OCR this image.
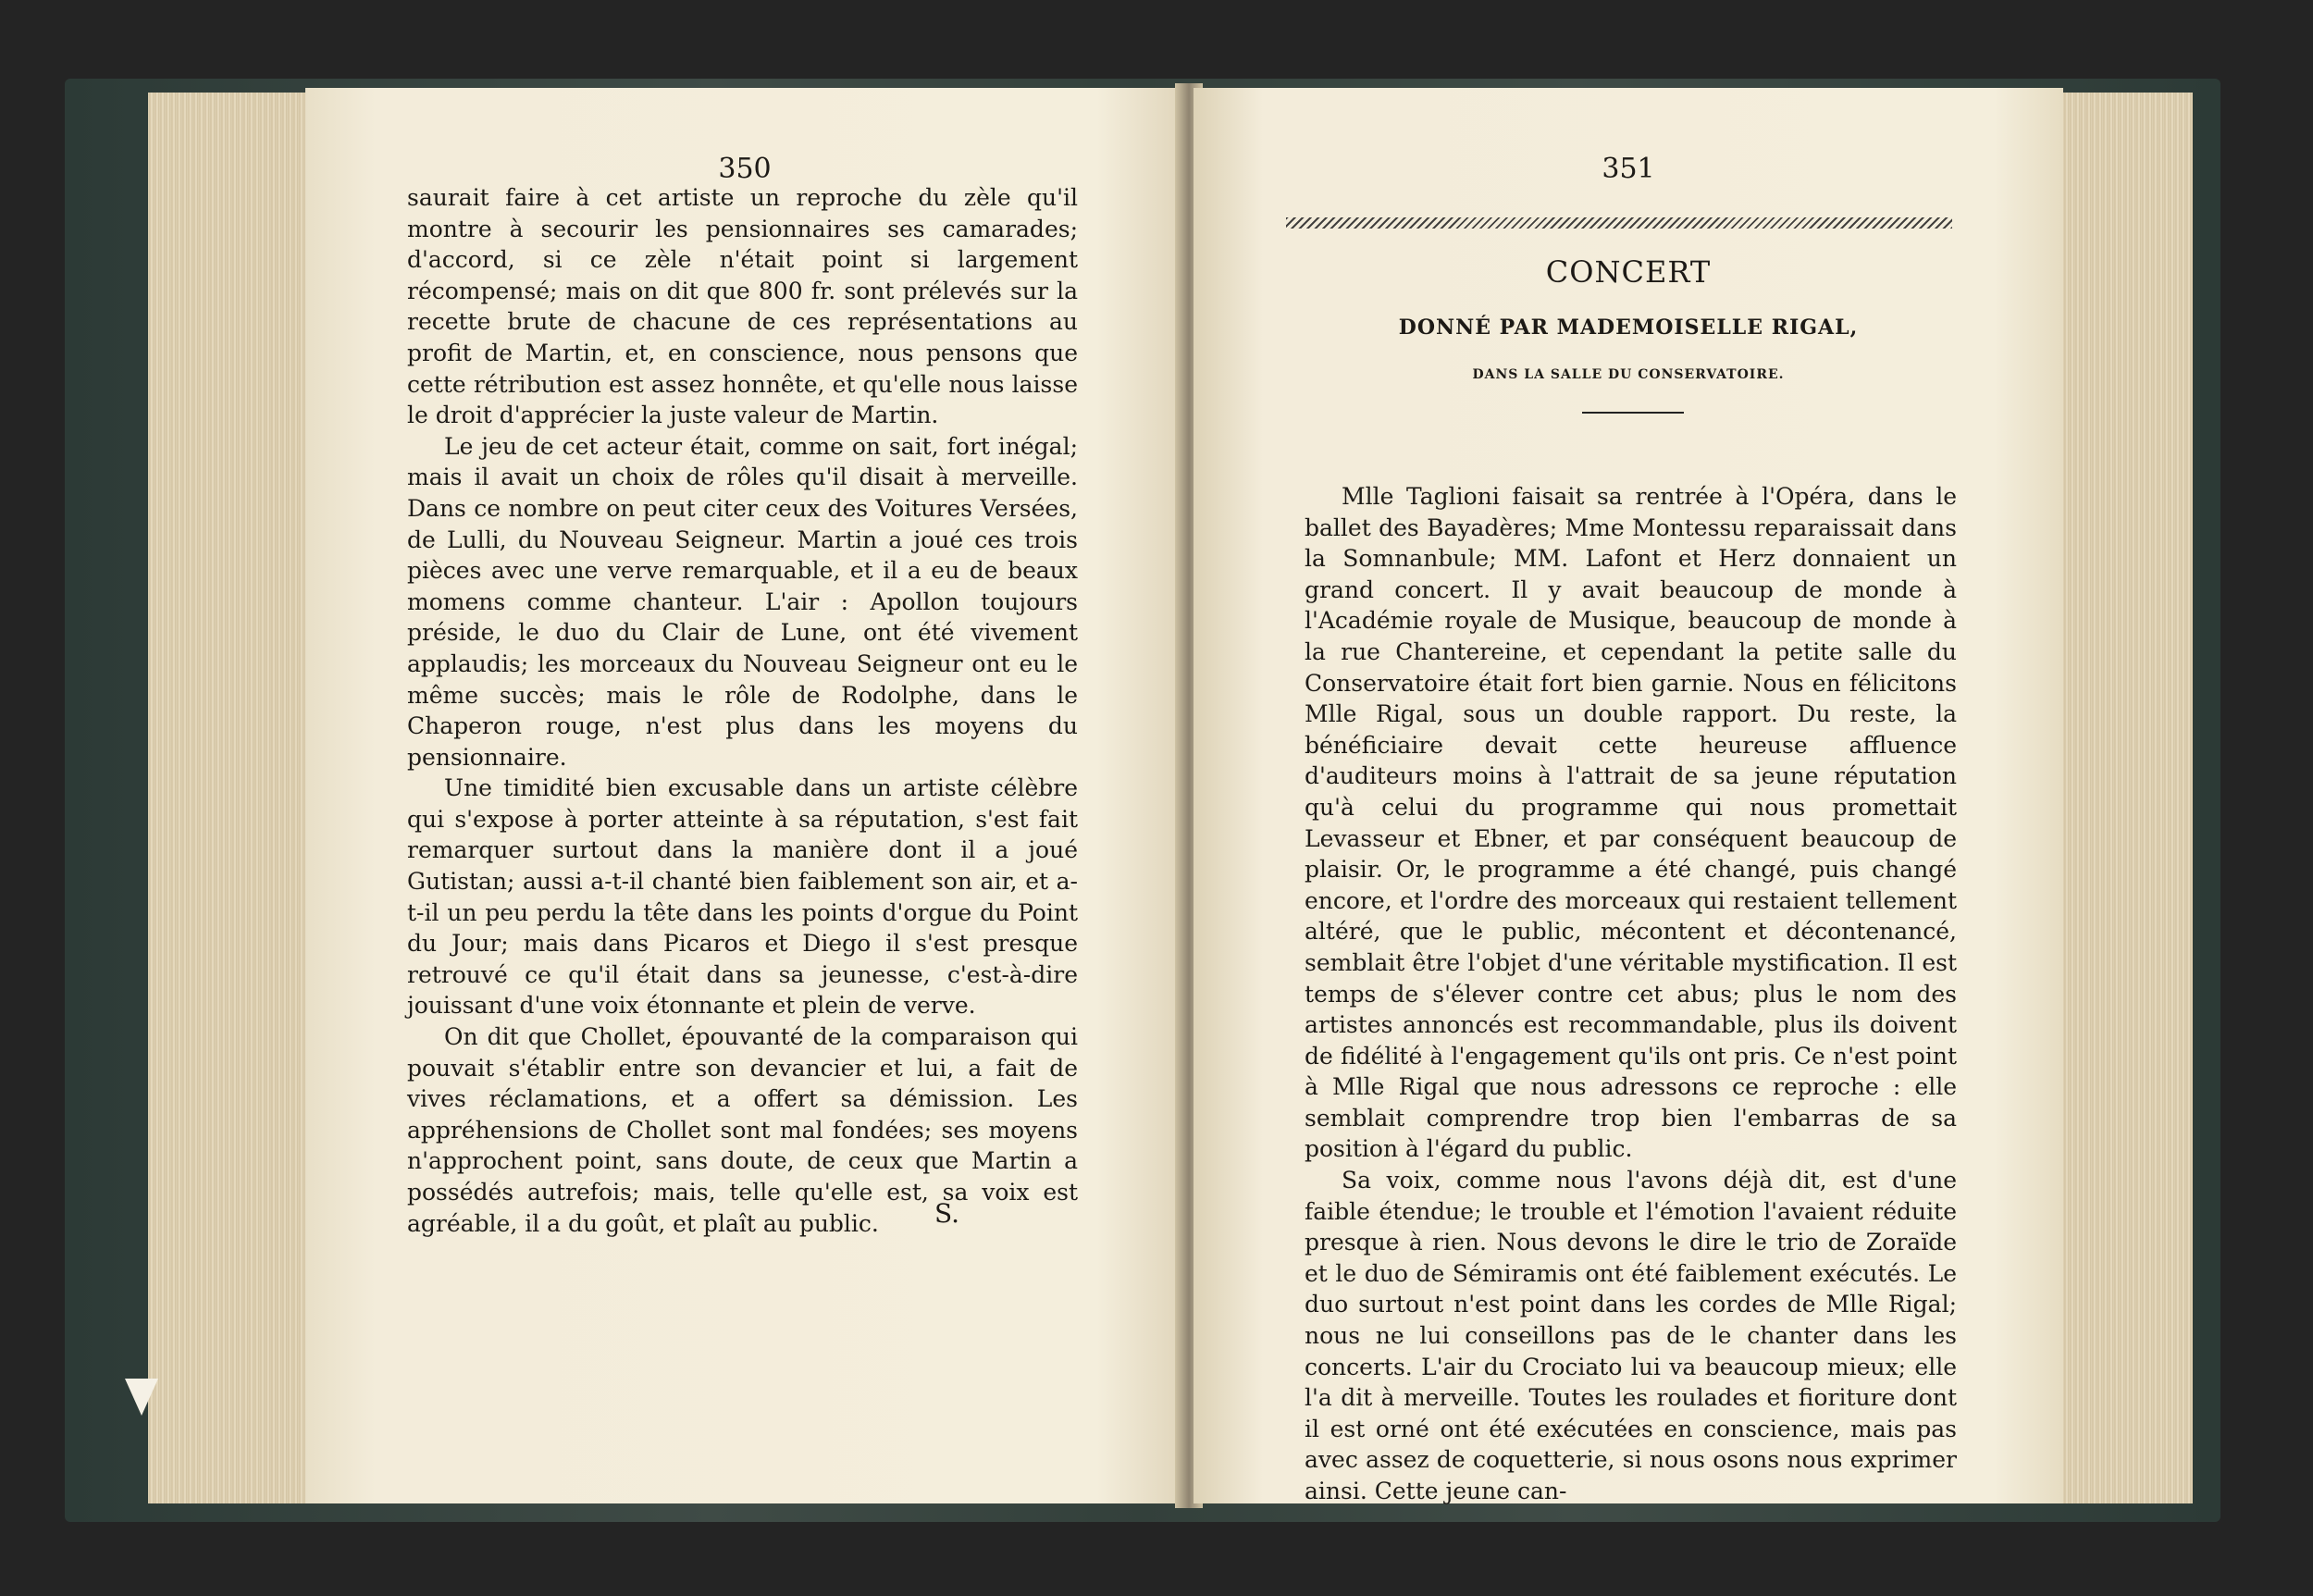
350

saurait faire à cet artiste un reproche du zèle qu'il montre à secourir les pensionnaires ses camarades; d'accord, si ce zèle n'était point si largement récompensé; mais on dit que 800 fr. sont prélevés sur la recette brute de chacune de ces représentations au profit de Martin, et, en conscience, nous pensons que cette rétribution est assez honnête, et qu'elle nous laisse le droit d'apprécier la juste valeur de Martin.

Le jeu de cet acteur était, comme on sait, fort inégal; mais il avait un choix de rôles qu'il disait à merveille. Dans ce nombre on peut citer ceux des Voitures Versées, de Lulli, du Nouveau Seigneur. Martin a joué ces trois pièces avec une verve remarquable, et il a eu de beaux momens comme chanteur. L'air : Apollon toujours préside, le duo du Clair de Lune, ont été vivement applaudis; les morceaux du Nouveau Seigneur ont eu le même succès; mais le rôle de Rodolphe, dans le Chaperon rouge, n'est plus dans les moyens du pensionnaire.

Une timidité bien excusable dans un artiste célèbre qui s'expose à porter atteinte à sa réputation, s'est fait remarquer surtout dans la manière dont il a joué Gutistan; aussi a-t-il chanté bien faiblement son air, et a-t-il un peu perdu la tête dans les points d'orgue du Point du Jour; mais dans Picaros et Diego il s'est presque retrouvé ce qu'il était dans sa jeunesse, c'est-à-dire jouissant d'une voix étonnante et plein de verve.

On dit que Chollet, épouvanté de la comparaison qui pouvait s'établir entre son devancier et lui, a fait de vives réclamations, et a offert sa démission. Les appréhensions de Chollet sont mal fondées; ses moyens n'approchent point, sans doute, de ceux que Martin a possédés autrefois; mais, telle qu'elle est, sa voix est agréable, il a du goût, et plaît au public.	S.
351
CONCERT
DONNÉ PAR MADEMOISELLE RIGAL,
DANS LA SALLE DU CONSERVATOIRE.

Mlle Taglioni faisait sa rentrée à l'Opéra, dans le ballet des Bayadères; Mme Montessu reparaissait dans la Somnanbule; MM. Lafont et Herz donnaient un grand concert. Il y avait beaucoup de monde à l'Académie royale de Musique, beaucoup de monde à la rue Chantereine, et cependant la petite salle du Conservatoire était fort bien garnie. Nous en félicitons Mlle Rigal, sous un double rapport. Du reste, la bénéficiaire devait cette heureuse affluence d'auditeurs moins à l'attrait de sa jeune réputation qu'à celui du programme qui nous promettait Levasseur et Ebner, et par conséquent beaucoup de plaisir. Or, le programme a été changé, puis changé encore, et l'ordre des morceaux qui restaient tellement altéré, que le public, mécontent et décontenancé, semblait être l'objet d'une véritable mystification. Il est temps de s'élever contre cet abus; plus le nom des artistes annoncés est recommandable, plus ils doivent de fidélité à l'engagement qu'ils ont pris. Ce n'est point à Mlle Rigal que nous adressons ce reproche : elle semblait comprendre trop bien l'embarras de sa position à l'égard du public.

Sa voix, comme nous l'avons déjà dit, est d'une faible étendue; le trouble et l'émotion l'avaient réduite presque à rien. Nous devons le dire le trio de Zoraïde et le duo de Sémiramis ont été faiblement exécutés. Le duo surtout n'est point dans les cordes de Mlle Rigal; nous ne lui conseillons pas de le chanter dans les concerts. L'air du Crociato lui va beaucoup mieux; elle l'a dit à merveille. Toutes les roulades et fioriture dont il est orné ont été exécutées en conscience, mais pas avec assez de coquetterie, si nous osons nous exprimer ainsi. Cette jeune can-
